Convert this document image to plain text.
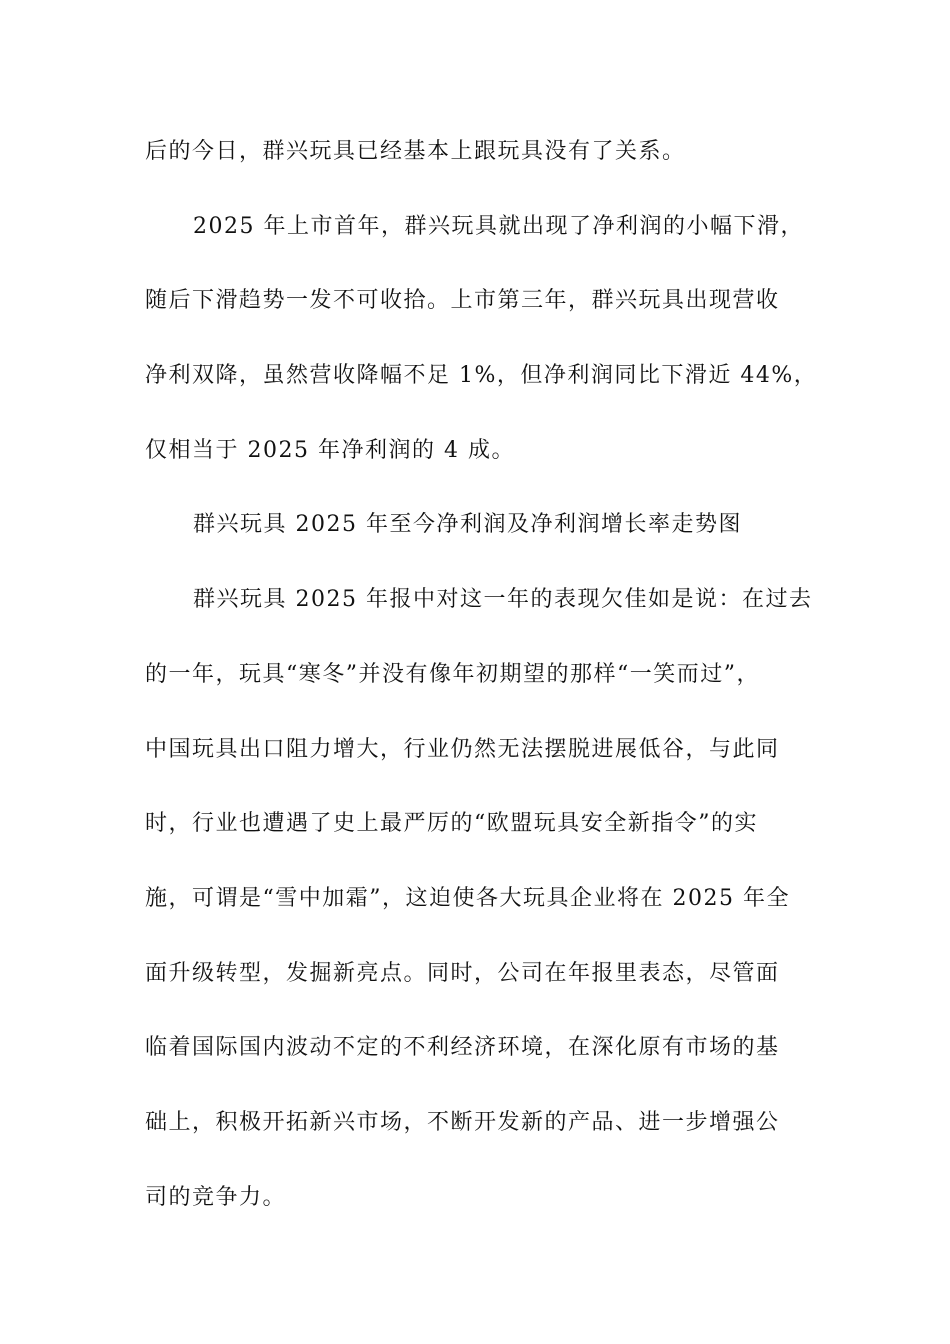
后的今日，群兴玩具已经基本上跟玩具没有了关系。

2025 年上市首年，群兴玩具就出现了净利润的小幅下滑，

随后下滑趋势一发不可收拾。上市第三年，群兴玩具出现营收

净利双降，虽然营收降幅不足 1%，但净利润同比下滑近 44%，

仅相当于 2025 年净利润的 4 成。

群兴玩具 2025 年至今净利润及净利润增长率走势图

群兴玩具 2025 年报中对这一年的表现欠佳如是说：在过去

的一年，玩具“寒冬”并没有像年初期望的那样“一笑而过”，

中国玩具出口阻力增大，行业仍然无法摆脱进展低谷，与此同

时，行业也遭遇了史上最严厉的“欧盟玩具安全新指令”的实

施，可谓是“雪中加霜”，这迫使各大玩具企业将在 2025 年全

面升级转型，发掘新亮点。同时，公司在年报里表态，尽管面

临着国际国内波动不定的不利经济环境，在深化原有市场的基

础上，积极开拓新兴市场，不断开发新的产品、进一步增强公

司的竞争力。
